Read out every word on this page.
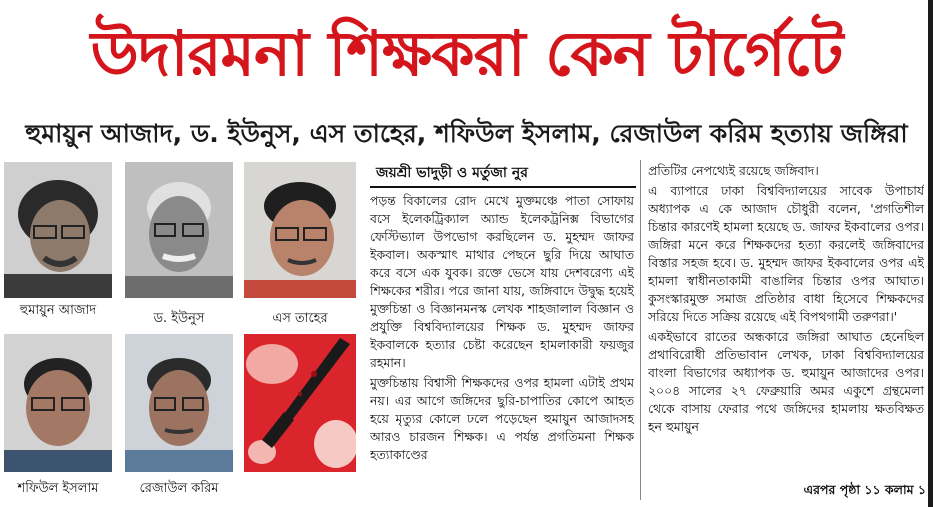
উদারমনা শিক্ষকরা কেন টার্গেটে
হুমায়ুন আজাদ, ড. ইউনুস, এস তাহের, শফিউল ইসলাম, রেজাউল করিম হত্যায় জঙ্গিরা
হুমায়ুন আজাদ
ড. ইউনুস	এস তাহের
শফিউল ইসলাম	রেজাউল করিম
জয়শ্রী ভাদুড়ী ও মর্তুজা নুর

পড়ন্ত বিকালের রোদ মেখে মুক্তমঞ্চে পাতা সোফায় বসে ইলেকট্রিক্যাল অ্যান্ড ইলেকট্রনিক্স বিভাগের ফেস্টিভ্যাল উপভোগ করছিলেন ড. মুহম্মদ জাফর ইকবাল। অকস্মাৎ মাথার পেছনে ছুরি দিয়ে আঘাত করে বসে এক যুবক। রক্তে ভেসে যায় দেশবরেণ্য এই শিক্ষকের শরীর। পরে জানা যায়, জঙ্গিবাদে উদ্বুদ্ধ হয়েই মুক্তচিন্তা ও বিজ্ঞানমনস্ক লেখক শাহজালাল বিজ্ঞান ও প্রযুক্তি বিশ্ববিদ্যালয়ের শিক্ষক ড. মুহম্মদ জাফর ইকবালকে হত্যার চেষ্টা করেছেন হামলাকারী ফয়জুর রহমান।

মুক্তচিন্তায় বিশ্বাসী শিক্ষকদের ওপর হামলা এটাই প্রথম নয়। এর আগে জঙ্গিদের ছুরি-চাপাতির কোপে আহত হয়ে মৃত্যুর কোলে ঢলে পড়েছেন হুমায়ুন আজাদসহ আরও চারজন শিক্ষক। এ পর্যন্ত প্রগতিমনা শিক্ষক হত্যাকাণ্ডের

প্রতিটির নেপথ্যেই রয়েছে জঙ্গিবাদ।

এ ব্যাপারে ঢাকা বিশ্ববিদ্যালয়ের সাবেক উপাচার্য অধ্যাপক এ কে আজাদ চৌধুরী বলেন, 'প্রগতিশীল চিন্তার কারণেই হামলা হয়েছে ড. জাফর ইকবালের ওপর। জঙ্গিরা মনে করে শিক্ষকদের হত্যা করলেই জঙ্গিবাদের বিস্তার সহজ হবে। ড. মুহম্মদ জাফর ইকবালের ওপর এই হামলা স্বাধীনতাকামী বাঙালির চিন্তার ওপর আঘাত। কুসংস্কারমুক্ত সমাজ প্রতিষ্ঠার বাধা হিসেবে শিক্ষকদের সরিয়ে দিতে সক্রিয় রয়েছে এই বিপথগামী তরুণরা।'

একইভাবে রাতের অন্ধকারে জঙ্গিরা আঘাত হেনেছিল প্রথাবিরোধী প্রতিভাবান লেখক, ঢাকা বিশ্ববিদ্যালয়ের বাংলা বিভাগের অধ্যাপক ড. হুমায়ুন আজাদের ওপর। ২০০৪ সালের ২৭ ফেব্রুয়ারি অমর একুশে গ্রন্থমেলা থেকে বাসায় ফেরার পথে জঙ্গিদের হামলায় ক্ষতবিক্ষত হন হুমায়ুন

এরপর পৃষ্ঠা ১১ কলাম ১
